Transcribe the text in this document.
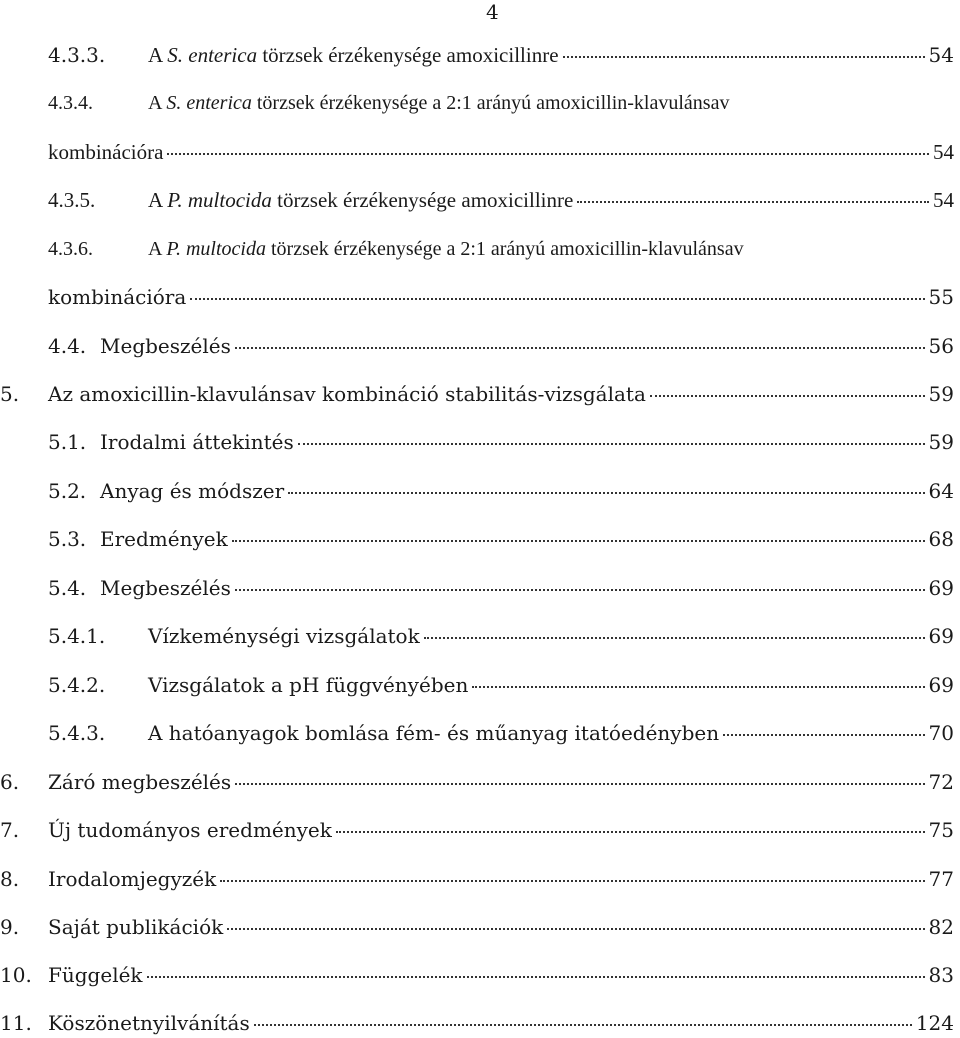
4
4.3.3.	A S. enterica törzsek érzékenysége amoxicillinre	54
4.3.4.	A S. enterica törzsek érzékenysége a 2:1 arányú amoxicillin-klavulánsav
kombinációra	54
4.3.5.	A P. multocida törzsek érzékenysége amoxicillinre	54
4.3.6.	A P. multocida törzsek érzékenysége a 2:1 arányú amoxicillin-klavulánsav
kombinációra	55
4.4. Megbeszélés	56
5.	Az amoxicillin-klavulánsav kombináció stabilitás-vizsgálata	59
5.1. Irodalmi áttekintés	59
5.2. Anyag és módszer	64
5.3. Eredmények	68
5.4. Megbeszélés	69
5.4.1.	Vízkeménységi vizsgálatok	69
5.4.2.	Vizsgálatok a pH függvényében	69
5.4.3.	A hatóanyagok bomlása fém- és műanyag itatóedényben	70
6.	Záró megbeszélés	72
7.	Új tudományos eredmények	75
8.	Irodalomjegyzék	77
9.	Saját publikációk	82
10. Függelék	83
11. Köszönetnyilvánítás	124
